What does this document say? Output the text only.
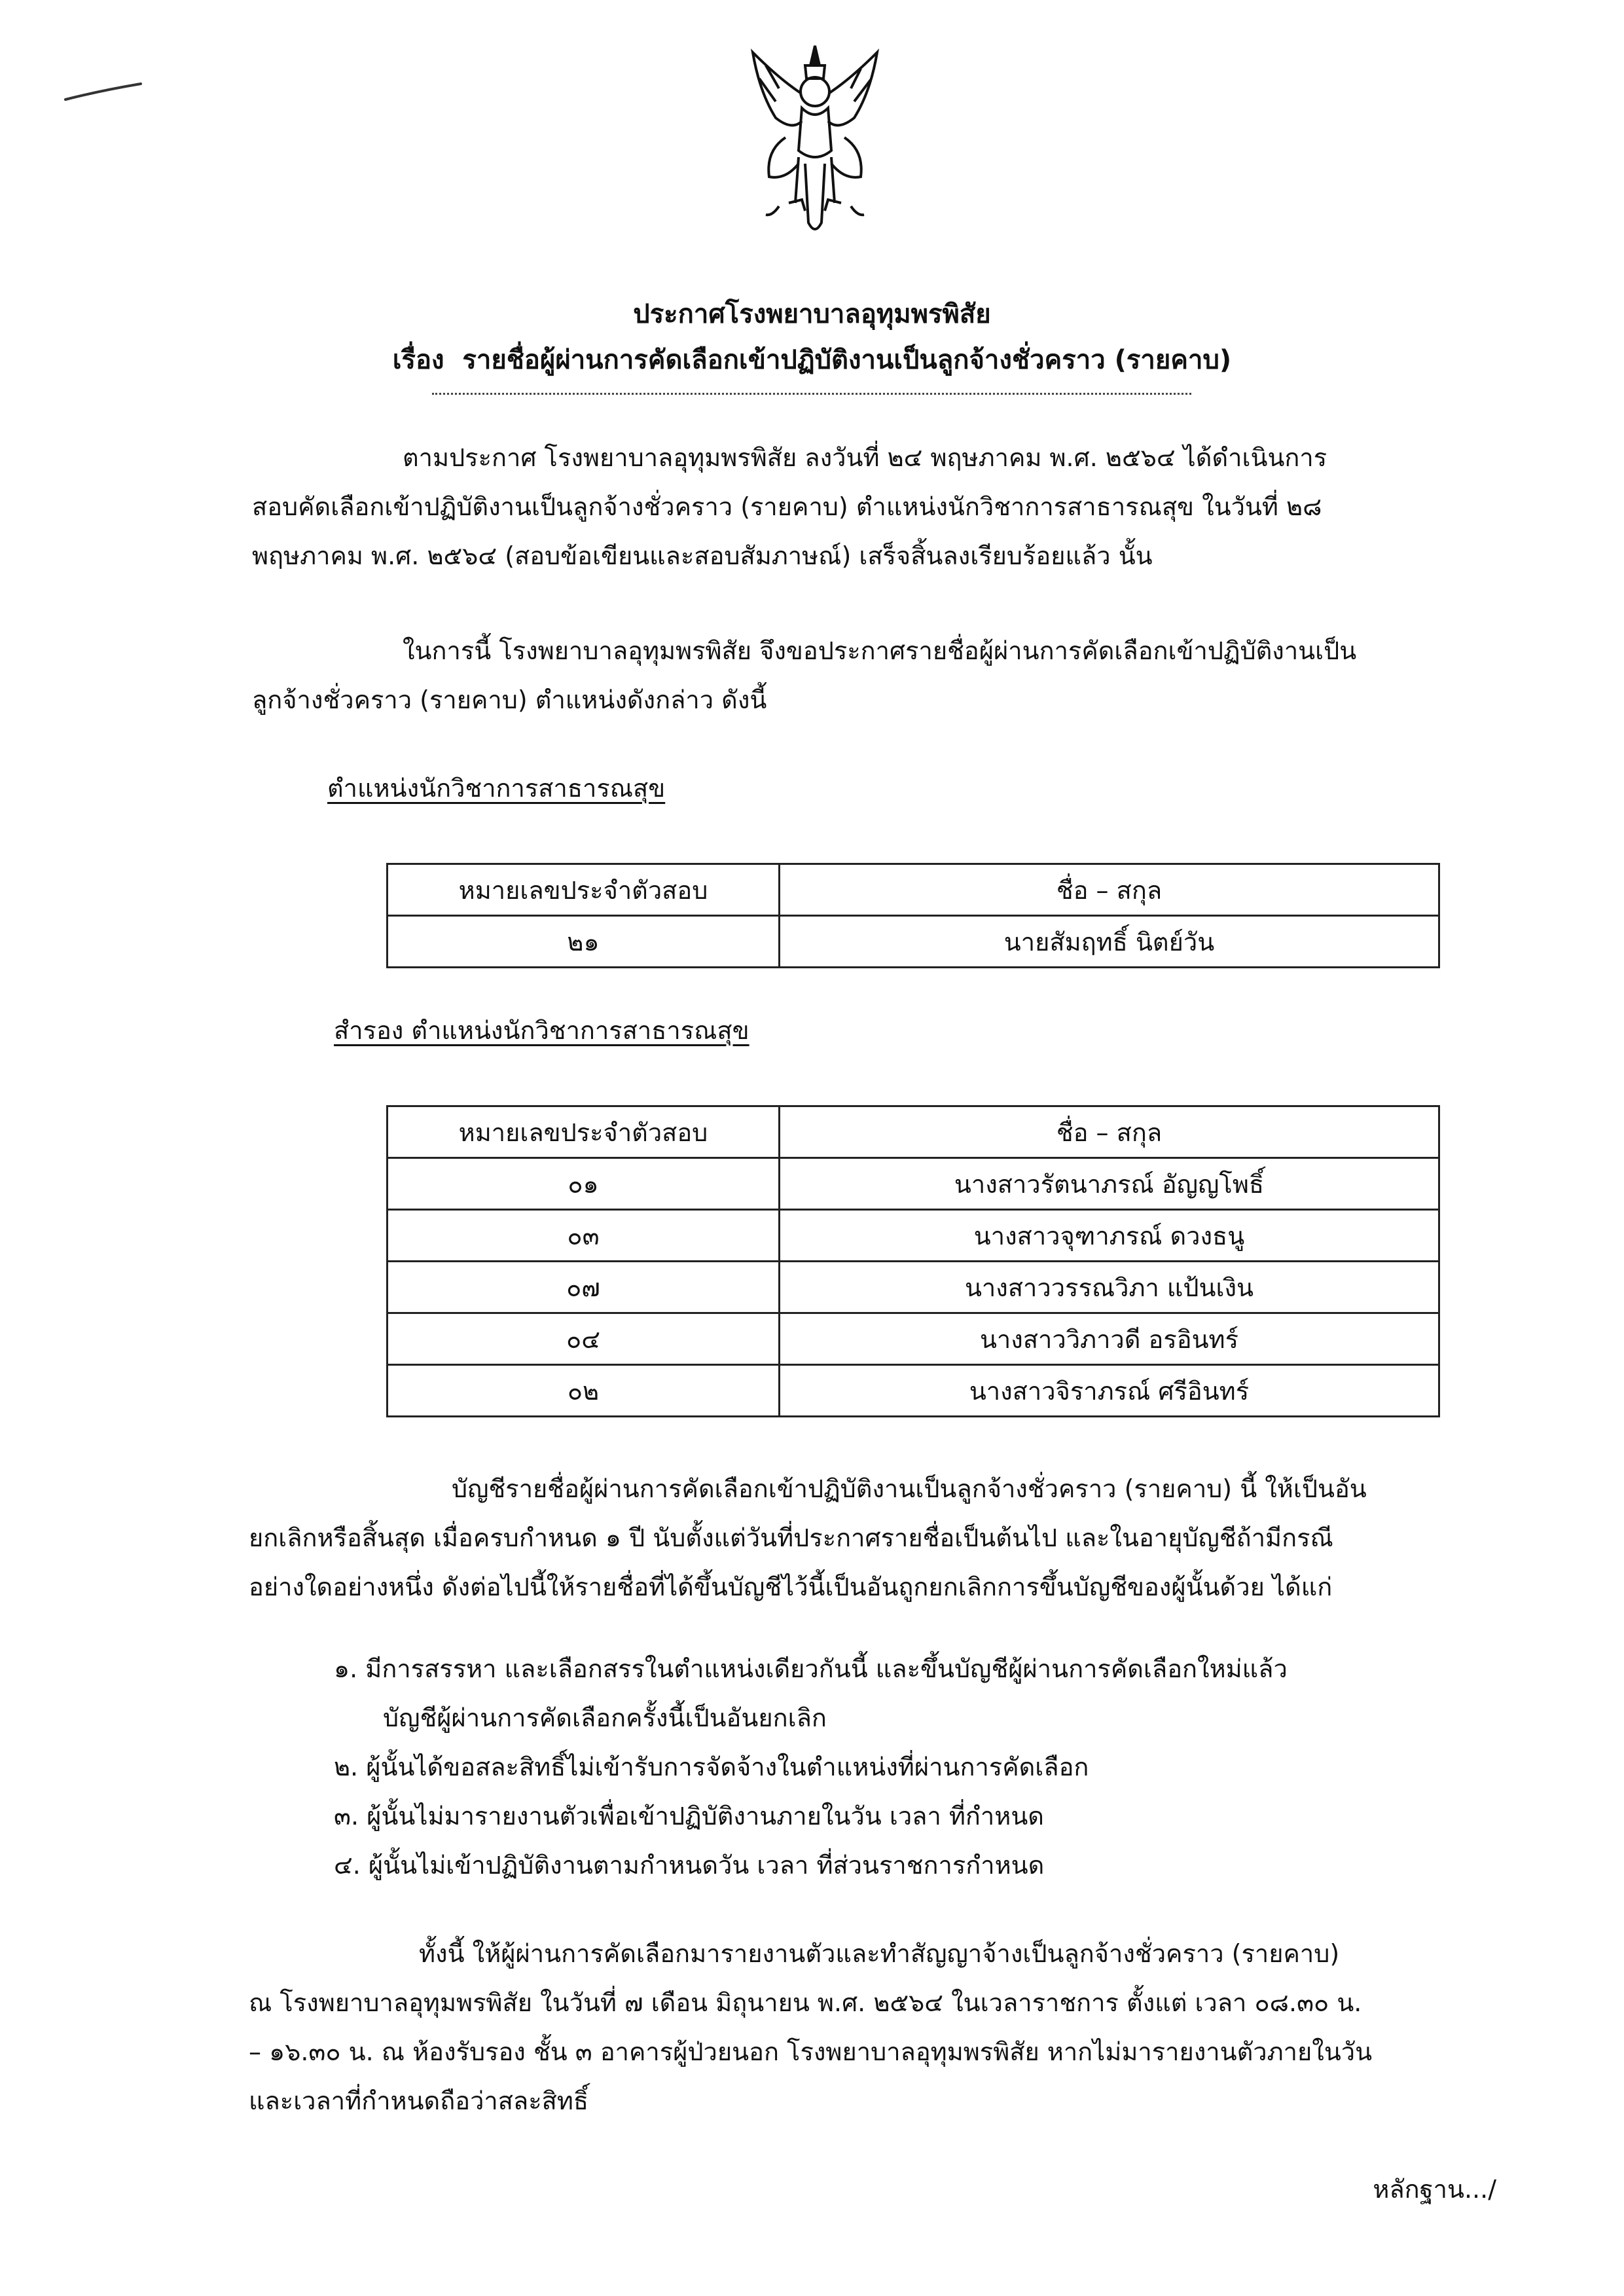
ประกาศโรงพยาบาลอุทุมพรพิสัย
เรื่อง รายชื่อผู้ผ่านการคัดเลือกเข้าปฏิบัติงานเป็นลูกจ้างชั่วคราว (รายคาบ)
ตามประกาศ โรงพยาบาลอุทุมพรพิสัย ลงวันที่ ๒๔ พฤษภาคม พ.ศ. ๒๕๖๔ ได้ดำเนินการ
สอบคัดเลือกเข้าปฏิบัติงานเป็นลูกจ้างชั่วคราว (รายคาบ) ตำแหน่งนักวิชาการสาธารณสุข ในวันที่ ๒๘
พฤษภาคม พ.ศ. ๒๕๖๔ (สอบข้อเขียนและสอบสัมภาษณ์) เสร็จสิ้นลงเรียบร้อยแล้ว นั้น
ในการนี้ โรงพยาบาลอุทุมพรพิสัย จึงขอประกาศรายชื่อผู้ผ่านการคัดเลือกเข้าปฏิบัติงานเป็น
ลูกจ้างชั่วคราว (รายคาบ) ตำแหน่งดังกล่าว ดังนี้
ตำแหน่งนักวิชาการสาธารณสุข
หมายเลขประจำตัวสอบ	ชื่อ – สกุล
๒๑	นายสัมฤทธิ์ นิตย์วัน
สำรอง ตำแหน่งนักวิชาการสาธารณสุข
หมายเลขประจำตัวสอบ	ชื่อ – สกุล
๐๑	นางสาวรัตนาภรณ์ อัญญโพธิ์
๐๓	นางสาวจุฑาภรณ์ ดวงธนู
๐๗	นางสาววรรณวิภา แป้นเงิน
๐๔	นางสาววิภาวดี อรอินทร์
๐๒	นางสาวจิราภรณ์ ศรีอินทร์
บัญชีรายชื่อผู้ผ่านการคัดเลือกเข้าปฏิบัติงานเป็นลูกจ้างชั่วคราว (รายคาบ) นี้ ให้เป็นอัน
ยกเลิกหรือสิ้นสุด เมื่อครบกำหนด ๑ ปี นับตั้งแต่วันที่ประกาศรายชื่อเป็นต้นไป และในอายุบัญชีถ้ามีกรณี
อย่างใดอย่างหนึ่ง ดังต่อไปนี้ให้รายชื่อที่ได้ขึ้นบัญชีไว้นี้เป็นอันถูกยกเลิกการขึ้นบัญชีของผู้นั้นด้วย ได้แก่
๑. มีการสรรหา และเลือกสรรในตำแหน่งเดียวกันนี้ และขึ้นบัญชีผู้ผ่านการคัดเลือกใหม่แล้ว
บัญชีผู้ผ่านการคัดเลือกครั้งนี้เป็นอันยกเลิก
๒. ผู้นั้นได้ขอสละสิทธิ์ไม่เข้ารับการจัดจ้างในตำแหน่งที่ผ่านการคัดเลือก
๓. ผู้นั้นไม่มารายงานตัวเพื่อเข้าปฏิบัติงานภายในวัน เวลา ที่กำหนด
๔. ผู้นั้นไม่เข้าปฏิบัติงานตามกำหนดวัน เวลา ที่ส่วนราชการกำหนด
ทั้งนี้ ให้ผู้ผ่านการคัดเลือกมารายงานตัวและทำสัญญาจ้างเป็นลูกจ้างชั่วคราว (รายคาบ)
ณ โรงพยาบาลอุทุมพรพิสัย ในวันที่ ๗ เดือน มิถุนายน พ.ศ. ๒๕๖๔ ในเวลาราชการ ตั้งแต่ เวลา ๐๘.๓๐ น.
– ๑๖.๓๐ น. ณ ห้องรับรอง ชั้น ๓ อาคารผู้ป่วยนอก โรงพยาบาลอุทุมพรพิสัย หากไม่มารายงานตัวภายในวัน
และเวลาที่กำหนดถือว่าสละสิทธิ์
หลักฐาน.../
